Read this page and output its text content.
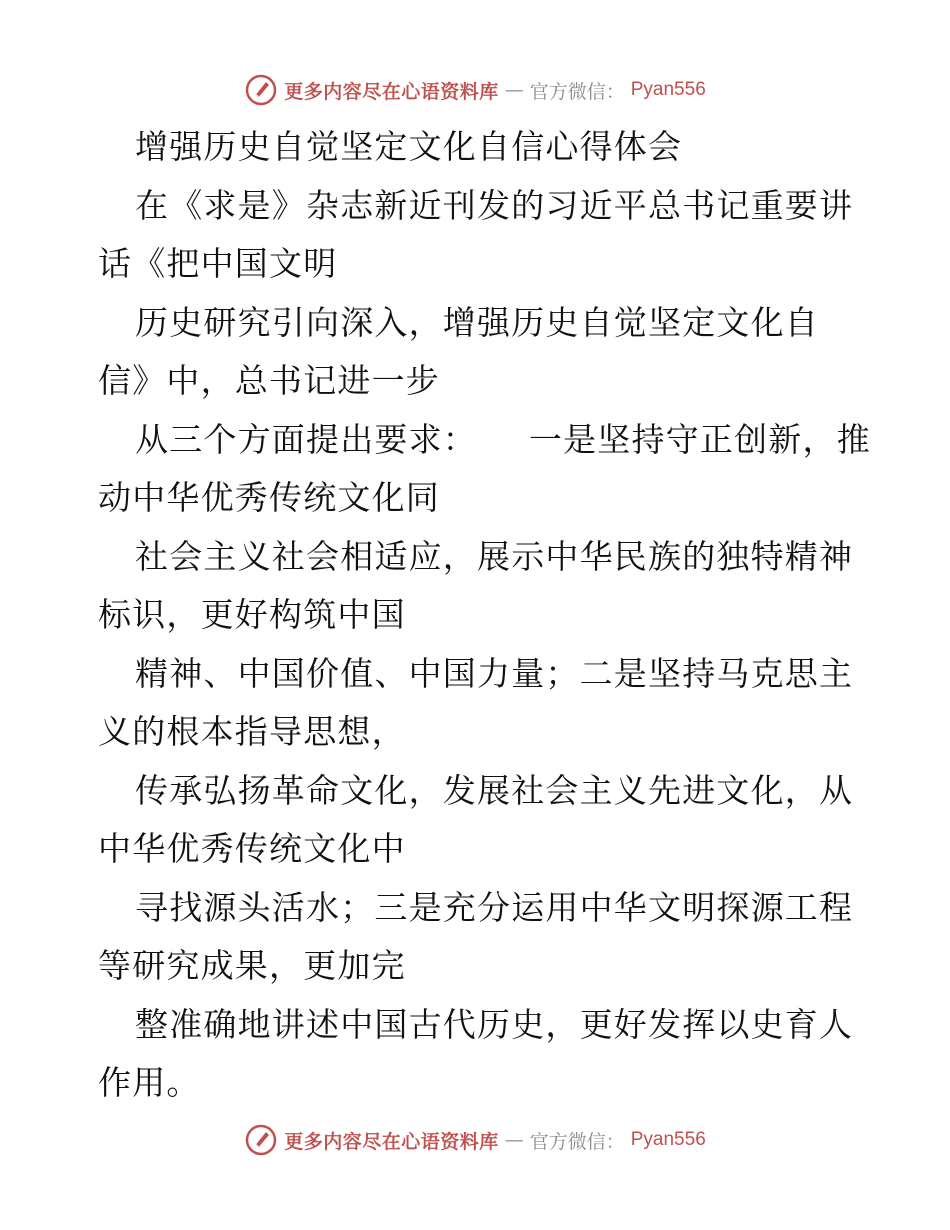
更多内容尽在心语资料库 — 官方微信： Pyan556
增强历史自觉坚定文化自信心得体会
在《求是》杂志新近刊发的习近平总书记重要讲
话《把中国文明
历史研究引向深入，增强历史自觉坚定文化自
信》中，总书记进一步
从三个方面提出要求：　　一是坚持守正创新，推
动中华优秀传统文化同
社会主义社会相适应，展示中华民族的独特精神
标识，更好构筑中国
精神、中国价值、中国力量；二是坚持马克思主
义的根本指导思想，
传承弘扬革命文化，发展社会主义先进文化，从
中华优秀传统文化中
寻找源头活水；三是充分运用中华文明探源工程
等研究成果，更加完
整准确地讲述中国古代历史，更好发挥以史育人
作用。
更多内容尽在心语资料库 — 官方微信： Pyan556
